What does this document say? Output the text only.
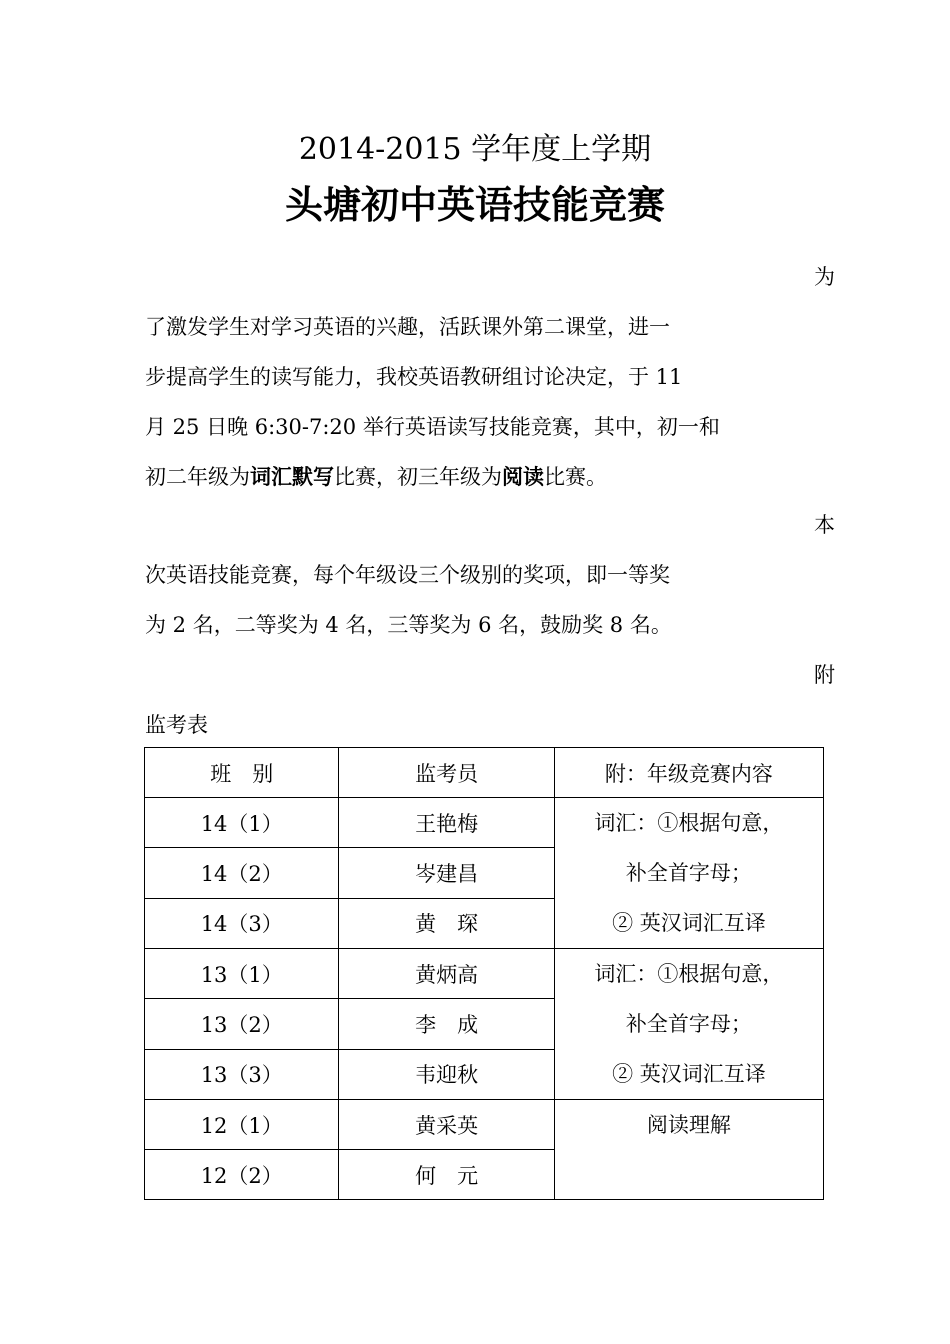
2014-2015 学年度上学期
头塘初中英语技能竞赛
为
了激发学生对学习英语的兴趣，活跃课外第二课堂，进一
步提高学生的读写能力，我校英语教研组讨论决定，于 11
月 25 日晚 6:30-7:20 举行英语读写技能竞赛，其中，初一和
初二年级为词汇默写比赛，初三年级为阅读比赛。
本
次英语技能竞赛，每个年级设三个级别的奖项，即一等奖
为 2 名，二等奖为 4 名，三等奖为 6 名，鼓励奖 8 名。
附
监考表
班　别	监考员	附：年级竞赛内容
14（1）	王艳梅	词汇：①根据句意，
补全首字母；
② 英汉词汇互译

14（2）	岑建昌	
14（3）	黄　琛	
13（1）	黄炳高	词汇：①根据句意，
补全首字母；
② 英汉词汇互译

13（2）	李　成	
13（3）	韦迎秋	
12（1）	黄采英	阅读理解

12（2）	何　元	
